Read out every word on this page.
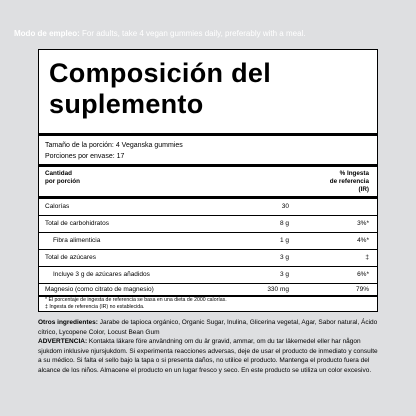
Modo de empleo: For adults, take 4 vegan gummies daily, preferably with a meal.
Composición del suplemento
Tamaño de la porción: 4 Veganska gummies
Porciones por envase: 17
Cantidad
por porción
% Ingesta
de referencia
(IR)
Calorías	30
Total de carbohidratos	8 g	3%*
Fibra alimenticia	1 g	4%*
Total de azúcares	3 g	‡
Incluye 3 g de azúcares añadidos	3 g	6%*
Magnesio (como citrato de magnesio)	330 mg	79%
* El porcentaje de ingesta de referencia se basa en una dieta de 2000 calorías.
‡ Ingesta de referencia (IR) no establecida.
Otros ingredientes: Jarabe de tapioca orgánico, Organic Sugar, Inulina, Glicerina vegetal, Agar, Sabor natural, Ácido cítrico, Lycopene Color, Locust Bean Gum
ADVERTENCIA: Kontakta läkare före användning om du är gravid, ammar, om du tar läkemedel eller har någon sjukdom inklusive njursjukdom. Si experimenta reacciones adversas, deje de usar el producto de inmediato y consulte a su médico. Si falta el sello bajo la tapa o si presenta daños, no utilice el producto. Mantenga el producto fuera del alcance de los niños. Almacene el producto en un lugar fresco y seco. En este producto se utiliza un color excesivo.
